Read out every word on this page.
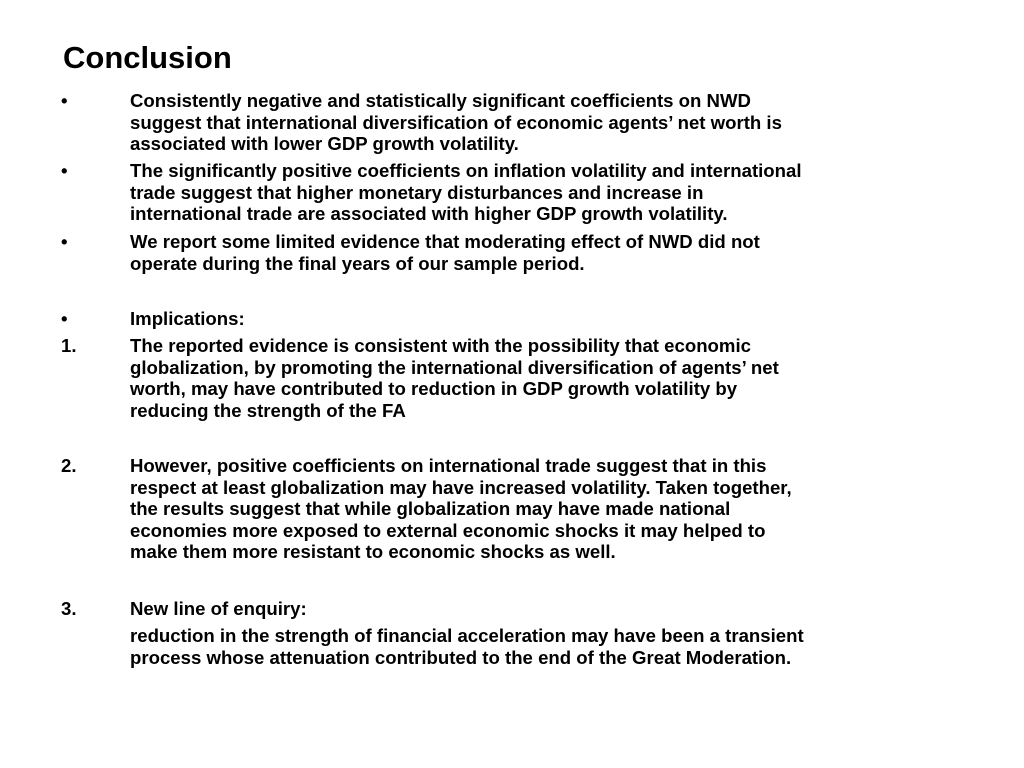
Conclusion
•	Consistently negative and statistically significant coefficients on NWD
suggest that international diversification of economic agents’ net worth is
associated with lower GDP growth volatility.
•	The significantly positive coefficients on inflation volatility and international
trade suggest that higher monetary disturbances and increase in
international trade are associated with higher GDP growth volatility.
•	We report some limited evidence that moderating effect of NWD did not
operate during the final years of our sample period.
•	Implications:
1.	The reported evidence is consistent with the possibility that economic
globalization, by promoting the international diversification of agents’ net
worth, may have contributed to reduction in GDP growth volatility by
reducing the strength of the FA
2.	However, positive coefficients on international trade suggest that in this
respect at least globalization may have increased volatility. Taken together,
the results suggest that while globalization may have made national
economies more exposed to external economic shocks it may helped to
make them more resistant to economic shocks as well.
3.	New line of enquiry:
reduction in the strength of financial acceleration may have been a transient
process whose attenuation contributed to the end of the Great Moderation.
